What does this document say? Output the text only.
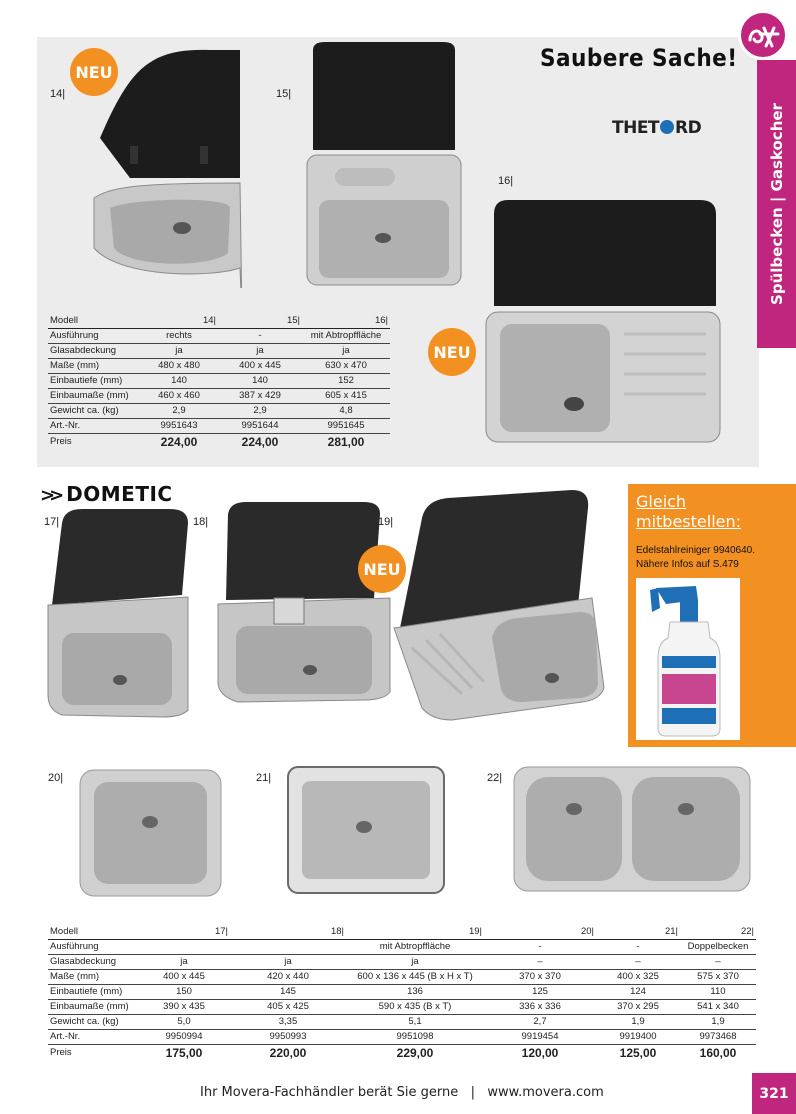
Saubere Sache!
THET RD	Spülbecken | Gaskocher
NEU
14|	15|
16|
NEU
Modell	14|	15|	16|
Ausführung	rechts	-	mit Abtropffläche
Glasabdeckung	ja	ja	ja
Maße (mm)	480 x 480	400 x 445	630 x 470
Einbautiefe (mm)	140	140	152
Einbaumaße (mm)	460 x 460	387 x 429	605 x 415
Gewicht ca. (kg)	2,9	2,9	4,8
Art.-Nr.	9951643	9951644	9951645
Preis	224,00	224,00	281,00
>> DOMETIC
17|	18|	19|
NEU
Gleich
mitbestellen:
Edelstahlreiniger 9940640.
Nähere Infos auf S.479
20|	21|	22|
Modell	17|	18|	19|	20|	21|	22|
Ausführung			mit Abtropffläche	-	-	Doppelbecken
Glasabdeckung	ja	ja	ja	–	–	–
Maße (mm)	400 x 445	420 x 440	600 x 136 x 445 (B x H x T)	370 x 370	400 x 325	575 x 370
Einbautiefe (mm)	150	145	136	125	124	110
Einbaumaße (mm)	390 x 435	405 x 425	590 x 435 (B x T)	336 x 336	370 x 295	541 x 340
Gewicht ca. (kg)	5,0	3,35	5,1	2,7	1,9	1,9
Art.-Nr.	9950994	9950993	9951098	9919454	9919400	9973468
Preis	175,00	220,00	229,00	120,00	125,00	160,00
Ihr Movera-Fachhändler berät Sie gerne   |   www.movera.com	321
